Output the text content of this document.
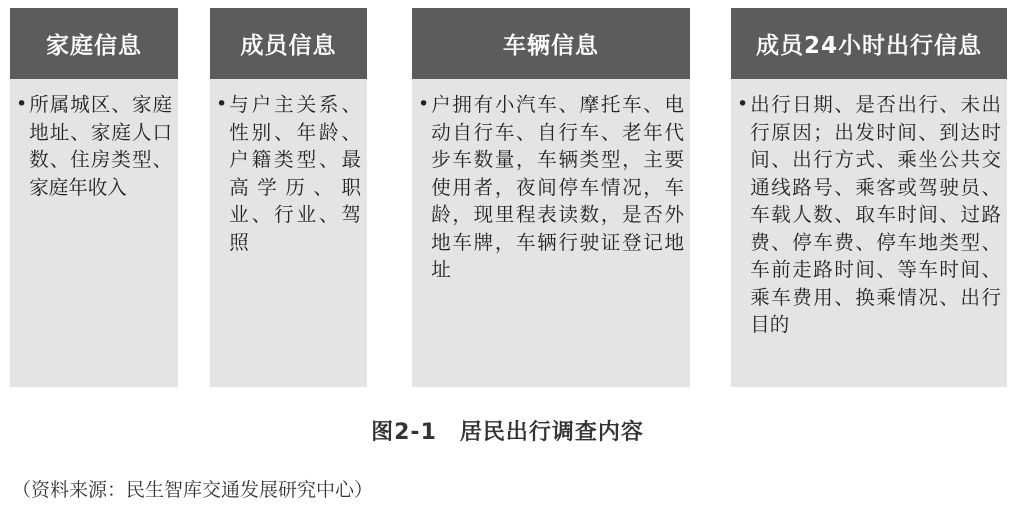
家庭信息
• 所属城区、家庭地址、家庭人口数、住房类型、家庭年收入

成员信息
• 与户主关系、性别、年龄、户籍类型、最高学历、职业、行业、驾照

车辆信息
• 户拥有小汽车、摩托车、电动自行车、自行车、老年代步车数量，车辆类型，主要使用者，夜间停车情况，车龄，现里程表读数，是否外地车牌，车辆行驶证登记地址

成员24小时出行信息
• 出行日期、是否出行、未出行原因；出发时间、到达时间、出行方式、乘坐公共交通线路号、乘客或驾驶员、车载人数、取车时间、过路费、停车费、停车地类型、车前走路时间、等车时间、乘车费用、换乘情况、出行目的

图2-1　居民出行调查内容
（资料来源：民生智库交通发展研究中心）
